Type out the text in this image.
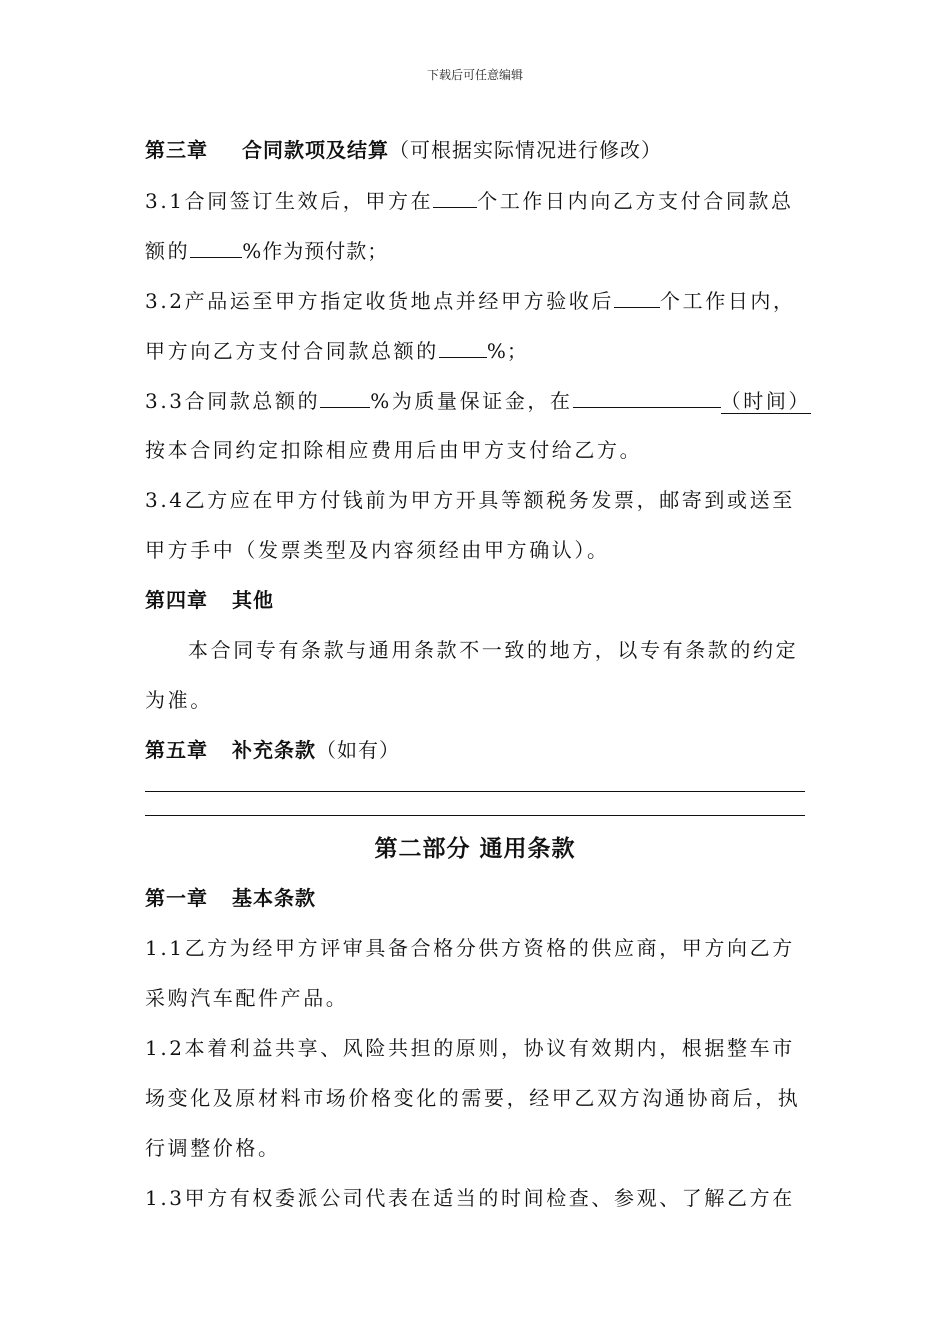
下载后可任意编辑
第三章 合同款项及结算（可根据实际情况进行修改）
3.1合同签订生效后，甲方在 个工作日内向乙方支付合同款总
额的	%作为预付款；
3.2产品运至甲方指定收货地点并经甲方验收后 个工作日内，
甲方向乙方支付合同款总额的 %；
3.3合同款总额的	%为质量保证金，在	（时间）
按本合同约定扣除相应费用后由甲方支付给乙方。
3.4乙方应在甲方付钱前为甲方开具等额税务发票，邮寄到或送至
甲方手中（发票类型及内容须经由甲方确认）。
第四章 其他
本合同专有条款与通用条款不一致的地方，以专有条款的约定
为准。
第五章 补充条款（如有）
第二部分 通用条款
第一章 基本条款
1.1乙方为经甲方评审具备合格分供方资格的供应商，甲方向乙方
采购汽车配件产品。
1.2本着利益共享、风险共担的原则，协议有效期内，根据整车市
场变化及原材料市场价格变化的需要，经甲乙双方沟通协商后，执
行调整价格。
1.3甲方有权委派公司代表在适当的时间检查、参观、了解乙方在
